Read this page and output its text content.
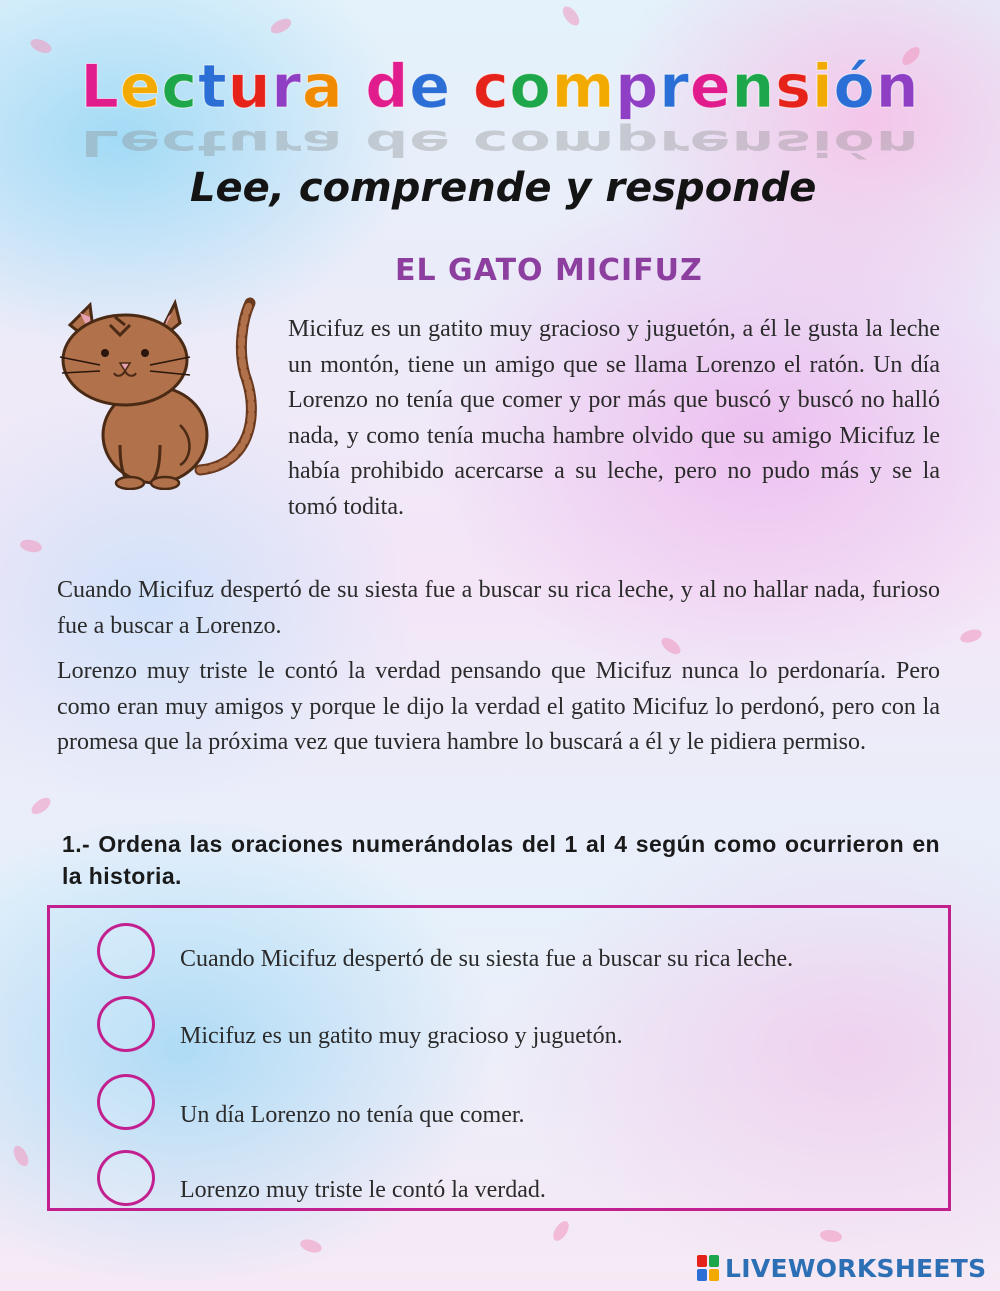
Lectura de comprensión
Lectura de comprensión
Lee, comprende y responde
EL GATO MICIFUZ

Micifuz es un gatito muy gracioso y juguetón, a él le gusta la leche un montón, tiene un amigo que se llama Lorenzo el ratón. Un día Lorenzo no tenía que comer y por más que buscó y buscó no halló nada, y como tenía mucha hambre olvido que su amigo Micifuz le había prohibido acercarse a su leche, pero no pudo más y se la tomó todita.

Cuando Micifuz despertó de su siesta fue a buscar su rica leche, y al no hallar nada, furioso fue a buscar a Lorenzo.

Lorenzo muy triste le contó la verdad pensando que Micifuz nunca lo perdonaría. Pero como eran muy amigos y porque le dijo la verdad el gatito Micifuz lo perdonó, pero con la promesa que la próxima vez que tuviera hambre lo buscará a él y le pidiera permiso.

1.- Ordena las oraciones numerándolas del 1 al 4 según como ocurrieron en la historia.

Cuando Micifuz despertó de su siesta fue a buscar su rica leche.
Micifuz es un gatito muy gracioso y juguetón.
Un día Lorenzo no tenía que comer.
Lorenzo muy triste le contó la verdad.
LIVEWORKSHEETS
